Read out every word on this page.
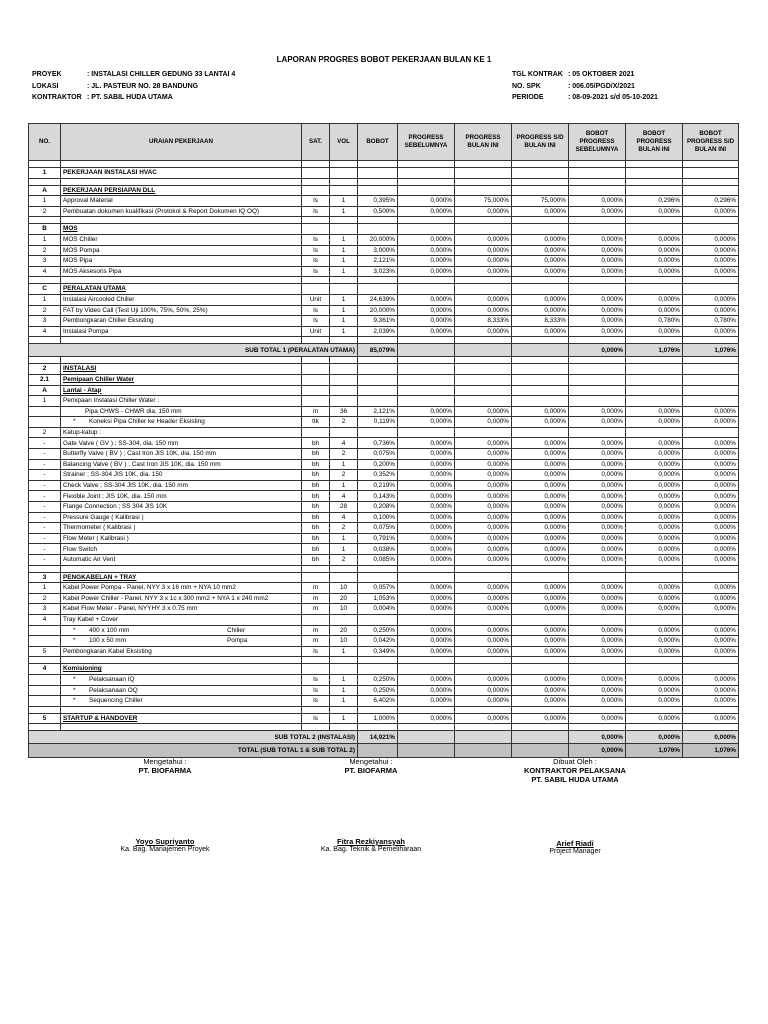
LAPORAN PROGRES BOBOT PEKERJAAN BULAN KE 1
PROYEK	: INSTALASI CHILLER GEDUNG 33 LANTAI 4
LOKASI	: JL. PASTEUR NO. 28 BANDUNG
KONTRAKTOR : PT. SABIL HUDA UTAMA
TGL KONTRAK : 05 OKTOBER 2021
NO. SPK	: 006.05/PGD/X/2021
PERIODE	: 08-09-2021 s/d 05-10-2021
NO.	URAIAN PEKERJAAN	SAT.	VOL	BOBOT	PROGRESS SEBELUMNYA	PROGRESS BULAN INI	PROGRESS S/D BULAN INI	BOBOT PROGRESS SEBELUMNYA	BOBOT PROGRESS BULAN INI	BOBOT PROGRESS S/D BULAN INI

1	PEKERJAAN INSTALASI HVAC									

A	PEKERJAAN PERSIAPAN DLL									
1	Approval Material	ls	1	0,395%	0,000%	75,000%	75,000%	0,000%	0,296%	0,296%
2	Pembuatan dokumen kualifikasi (Protokol & Report Dokumen IQ OQ)	ls	1	0,500%	0,000%	0,000%	0,000%	0,000%	0,000%	0,000%

B	MOS									
1	MOS Chiller	ls	1	20,000%	0,000%	0,000%	0,000%	0,000%	0,000%	0,000%
2	MOS Pompa	ls	1	3,000%	0,000%	0,000%	0,000%	0,000%	0,000%	0,000%
3	MOS Pipa	ls	1	2,121%	0,000%	0,000%	0,000%	0,000%	0,000%	0,000%
4	MOS Aksesoris Pipa	ls	1	3,023%	0,000%	0,000%	0,000%	0,000%	0,000%	0,000%

C	PERALATAN UTAMA									
1	Instalasi Aircooled Chiller	Unit	1	24,639%	0,000%	0,000%	0,000%	0,000%	0,000%	0,000%
2	FAT by Video Call (Test Uji 100%, 75%, 50%, 25%)	ls	1	20,000%	0,000%	0,000%	0,000%	0,000%	0,000%	0,000%
3	Pembongkaran Chiller Eksisting	ls	1	9,361%	0,000%	8,333%	8,333%	0,000%	0,780%	0,780%
4	Instalasi Pompa	Unit	1	2,039%	0,000%	0,000%	0,000%	0,000%	0,000%	0,000%

SUB TOTAL 1 (PERALATAN UTAMA)				85,079%				0,000%	1,076%	1,076%

2	INSTALASI									
2.1	Pemipaan Chiller Water									
A	Lantai - Atap									
1	Pemipaan Instalasi Chiller Water :									
	Pipa CHWS - CHWR dia. 150 mm	m	36	2,121%	0,000%	0,000%	0,000%	0,000%	0,000%	0,000%
	* Koneksi Pipa Chiller ke Header Eksisting	ttk	2	0,119%	0,000%	0,000%	0,000%	0,000%	0,000%	0,000%
2	Katup-katup :									
-	Gate Valve ( GV ) ; SS-304, dia. 150 mm	bh	4	0,736%	0,000%	0,000%	0,000%	0,000%	0,000%	0,000%
-	Butterfly Valve ( BV ) ; Cast Iron JIS 10K, dia. 150 mm	bh	2	0,075%	0,000%	0,000%	0,000%	0,000%	0,000%	0,000%
-	Balancing Valve ( BV ) ; Cast Iron JIS 10K, dia. 150 mm	bh	1	0,200%	0,000%	0,000%	0,000%	0,000%	0,000%	0,000%
-	Strainer ; SS-304 JIS 10K, dia. 150	bh	2	0,352%	0,000%	0,000%	0,000%	0,000%	0,000%	0,000%
-	Check Valve ; SS-304 JIS 10K, dia. 150 mm	bh	1	0,219%	0,000%	0,000%	0,000%	0,000%	0,000%	0,000%
-	Flexible Joint ; JIS 10K, dia. 150 mm	bh	4	0,143%	0,000%	0,000%	0,000%	0,000%	0,000%	0,000%
-	Flange Connection ; SS 304 JIS 10K	bh	28	0,208%	0,000%	0,000%	0,000%	0,000%	0,000%	0,000%
-	Pressure Gauge ( Kalibrasi )	bh	4	0,100%	0,000%	0,000%	0,000%	0,000%	0,000%	0,000%
-	Thermometer ( Kalibrasi )	bh	2	0,075%	0,000%	0,000%	0,000%	0,000%	0,000%	0,000%
-	Flow Meter ( Kalibrasi )	bh	1	0,791%	0,000%	0,000%	0,000%	0,000%	0,000%	0,000%
-	Flow Switch	bh	1	0,038%	0,000%	0,000%	0,000%	0,000%	0,000%	0,000%
-	Automatic Air Vent	bh	2	0,085%	0,000%	0,000%	0,000%	0,000%	0,000%	0,000%

3	PENGKABELAN + TRAY									
1	Kabel Power Pompa - Panel, NYY 3 x 16 mm + NYA 10 mm2	m	10	0,057%	0,000%	0,000%	0,000%	0,000%	0,000%	0,000%
2	Kabel Power Chiller - Panel, NYY 3 x 1c x 300 mm2 + NYA 1 x 240 mm2	m	20	1,053%	0,000%	0,000%	0,000%	0,000%	0,000%	0,000%
3	Kabel Flow Meter - Panel, NYYHY 3 x 0.75 mm	m	10	0,004%	0,000%	0,000%	0,000%	0,000%	0,000%	0,000%
4	Tray Kabel + Cover									
	* 400 x 100 mm Chiller	m	20	0,250%	0,000%	0,000%	0,000%	0,000%	0,000%	0,000%
	* 100 x 50 mm Pompa	m	10	0,042%	0,000%	0,000%	0,000%	0,000%	0,000%	0,000%
5	Pembongkaran Kabel Eksisting	ls	1	0,349%	0,000%	0,000%	0,000%	0,000%	0,000%	0,000%

4	Komisioning									
	* Pelaksanaan IQ	ls	1	0,250%	0,000%	0,000%	0,000%	0,000%	0,000%	0,000%
	* Pelaksanaan OQ	ls	1	0,250%	0,000%	0,000%	0,000%	0,000%	0,000%	0,000%
	* Sequencing Chiller	ls	1	6,402%	0,000%	0,000%	0,000%	0,000%	0,000%	0,000%

5	STARTUP & HANDOVER	ls	1	1,000%	0,000%	0,000%	0,000%	0,000%	0,000%	0,000%

SUB TOTAL 2 (INSTALASI)				14,921%				0,000%	0,000%	0,000%
TOTAL (SUB TOTAL 1 & SUB TOTAL 2)								0,000%	1,076%	1,076%
Mengetahui :
PT. BIOFARMA
Yoyo Supriyanto
Ka. Bag. Manajemen Proyek
Mengetahui :
PT. BIOFARMA
Fitra Rezkiyansyah
Ka. Bag. Teknik & Pemeliharaan
Dibuat Oleh :
KONTRAKTOR PELAKSANA
PT. SABIL HUDA UTAMA
Arief Riadi
Project Manager
